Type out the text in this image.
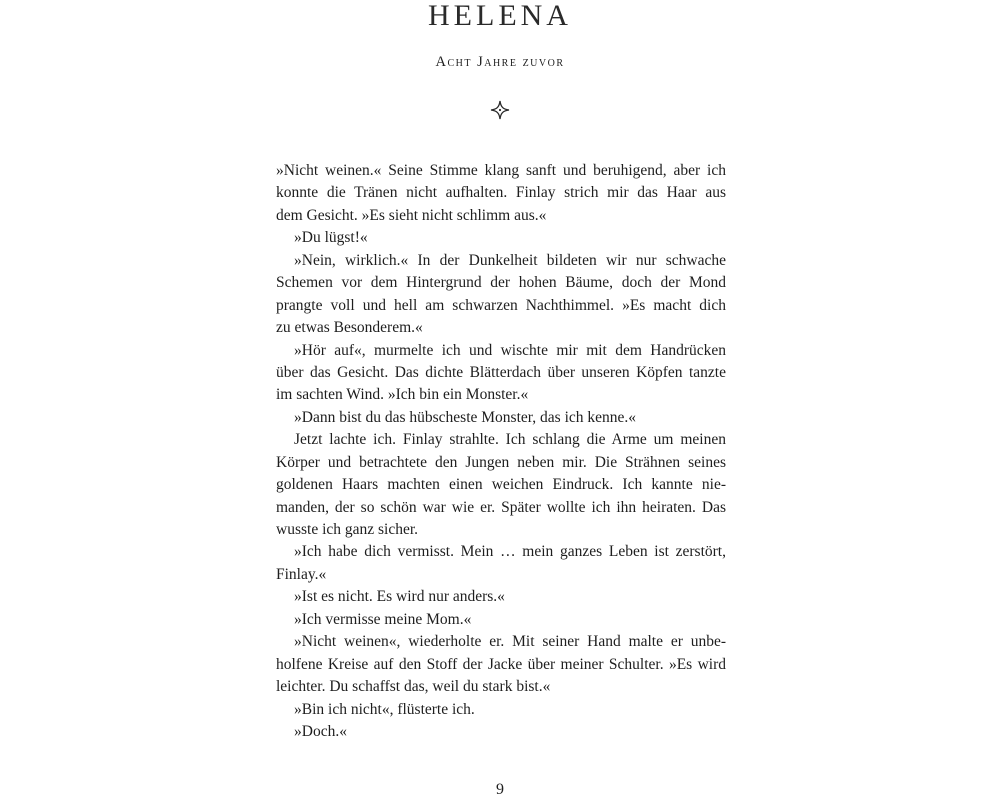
HELENA
Acht Jahre zuvor

»Nicht weinen.« Seine Stimme klang sanft und beruhigend, aber ich
konnte die Tränen nicht aufhalten. Finlay strich mir das Haar aus
dem Gesicht. »Es sieht nicht schlimm aus.«

»Du lügst!«

»Nein, wirklich.« In der Dunkelheit bildeten wir nur schwache
Schemen vor dem Hintergrund der hohen Bäume, doch der Mond
prangte voll und hell am schwarzen Nachthimmel. »Es macht dich
zu etwas Besonderem.«

»Hör auf«, murmelte ich und wischte mir mit dem Handrücken
über das Gesicht. Das dichte Blätterdach über unseren Köpfen tanzte
im sachten Wind. »Ich bin ein Monster.«

»Dann bist du das hübscheste Monster, das ich kenne.«

Jetzt lachte ich. Finlay strahlte. Ich schlang die Arme um meinen
Körper und betrachtete den Jungen neben mir. Die Strähnen seines
goldenen Haars machten einen weichen Eindruck. Ich kannte nie-
manden, der so schön war wie er. Später wollte ich ihn heiraten. Das
wusste ich ganz sicher.

»Ich habe dich vermisst. Mein … mein ganzes Leben ist zerstört,
Finlay.«

»Ist es nicht. Es wird nur anders.«

»Ich vermisse meine Mom.«

»Nicht weinen«, wiederholte er. Mit seiner Hand malte er unbe-
holfene Kreise auf den Stoff der Jacke über meiner Schulter. »Es wird
leichter. Du schaffst das, weil du stark bist.«

»Bin ich nicht«, flüsterte ich.

»Doch.«

9
